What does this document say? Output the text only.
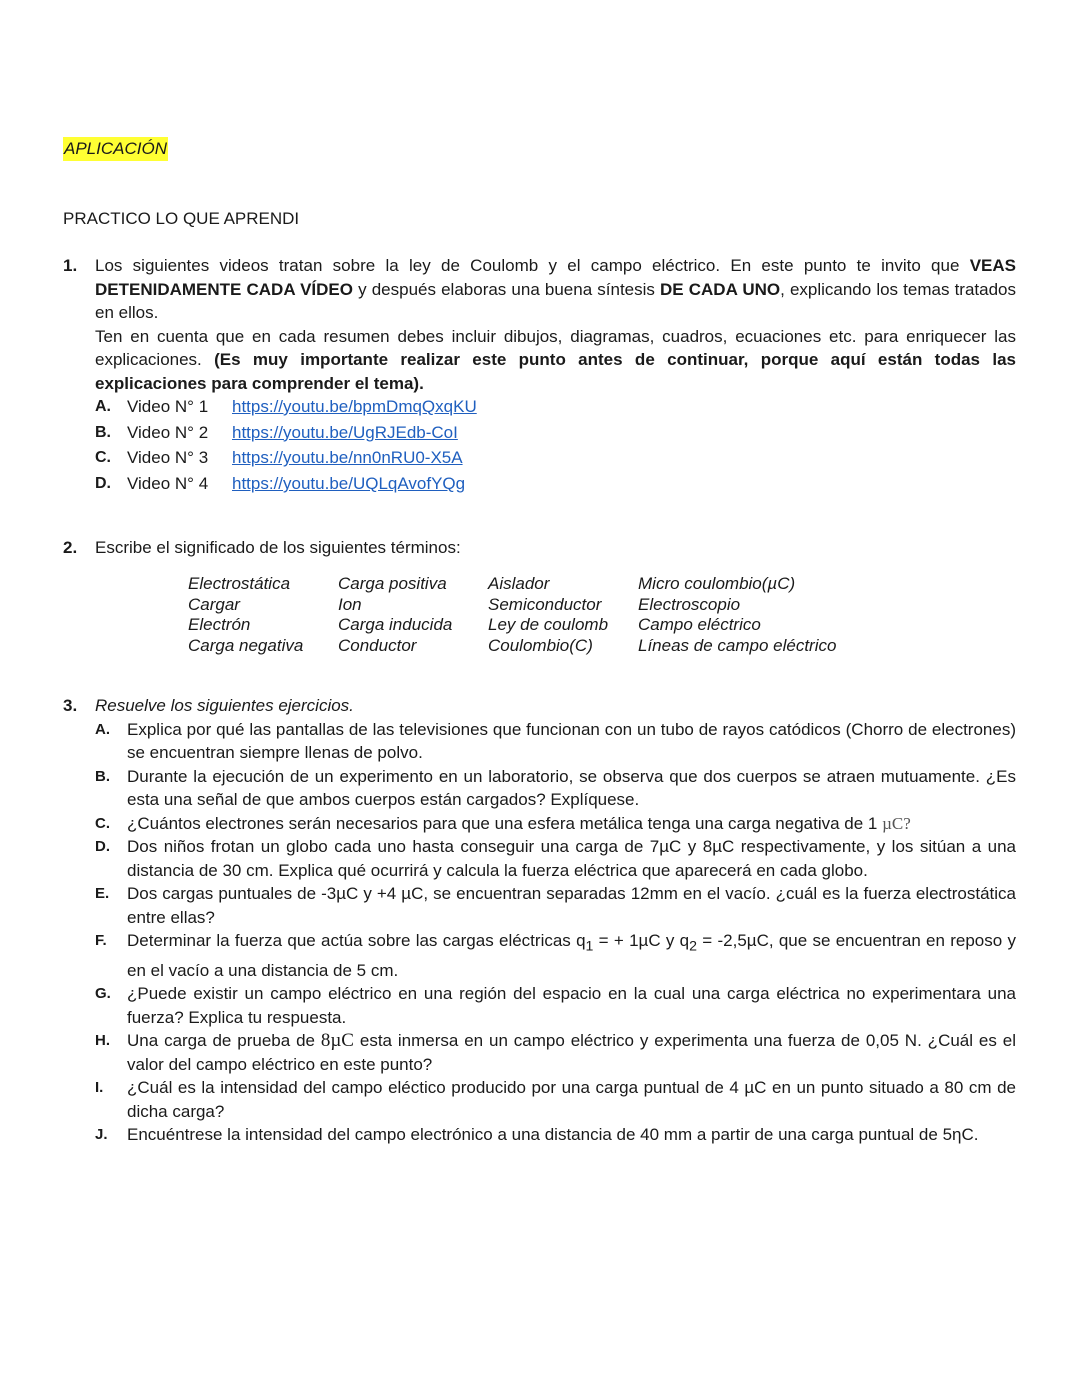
APLICACIÓN
PRACTICO LO QUE APRENDI
1. Los siguientes videos tratan sobre la ley de Coulomb y el campo eléctrico. En este punto te invito que VEAS DETENIDAMENTE CADA VÍDEO y después elaboras una buena síntesis DE CADA UNO, explicando los temas tratados en ellos.

Ten en cuenta que en cada resumen debes incluir dibujos, diagramas, cuadros, ecuaciones etc. para enriquecer las explicaciones. (Es muy importante realizar este punto antes de continuar, porque aquí están todas las explicaciones para comprender el tema).

A. Video N° 1 https://youtu.be/bpmDmqQxqKU
B. Video N° 2 https://youtu.be/UgRJEdb-CoI
C. Video N° 3 https://youtu.be/nn0nRU0-X5A
D. Video N° 4 https://youtu.be/UQLqAvofYQg
2. Escribe el significado de los siguientes términos:
Electrostática	Carga positiva	Aislador	Micro coulombio(µC)
Cargar	Ion	Semiconductor	Electroscopio
Electrón	Carga inducida	Ley de coulomb	Campo eléctrico
Carga negativa	Conductor	Coulombio(C)	Líneas de campo eléctrico
3. Resuelve los siguientes ejercicios.
A. Explica por qué las pantallas de las televisiones que funcionan con un tubo de rayos catódicos (Chorro de electrones) se encuentran siempre llenas de polvo.
B. Durante la ejecución de un experimento en un laboratorio, se observa que dos cuerpos se atraen mutuamente. ¿Es esta una señal de que ambos cuerpos están cargados? Explíquese.
C. ¿Cuántos electrones serán necesarios para que una esfera metálica tenga una carga negativa de 1 µC?
D. Dos niños frotan un globo cada uno hasta conseguir una carga de 7µC y 8µC respectivamente, y los sitúan a una distancia de 30 cm. Explica qué ocurrirá y calcula la fuerza eléctrica que aparecerá en cada globo.
E. Dos cargas puntuales de -3µC y +4 µC, se encuentran separadas 12mm en el vacío. ¿cuál es la fuerza electrostática entre ellas?
F. Determinar la fuerza que actúa sobre las cargas eléctricas $q_1$ = + 1µC y $q_2 = -2,5\mu C$, que se encuentran en reposo y en el vacío a una distancia de 5 cm.
G. ¿Puede existir un campo eléctrico en una región del espacio en la cual una carga eléctrica no experimentara una fuerza? Explica tu respuesta.
H. Una carga de prueba de 8µC esta inmersa en un campo eléctrico y experimenta una fuerza de 0,05 N. ¿Cuál es el valor del campo eléctrico en este punto?
I. ¿Cuál es la intensidad del campo eléctico producido por una carga puntual de 4 µC en un punto situado a 80 cm de dicha carga?
J. Encuéntrese la intensidad del campo electrónico a una distancia de 40 mm a partir de una carga puntual de 5ηC.
